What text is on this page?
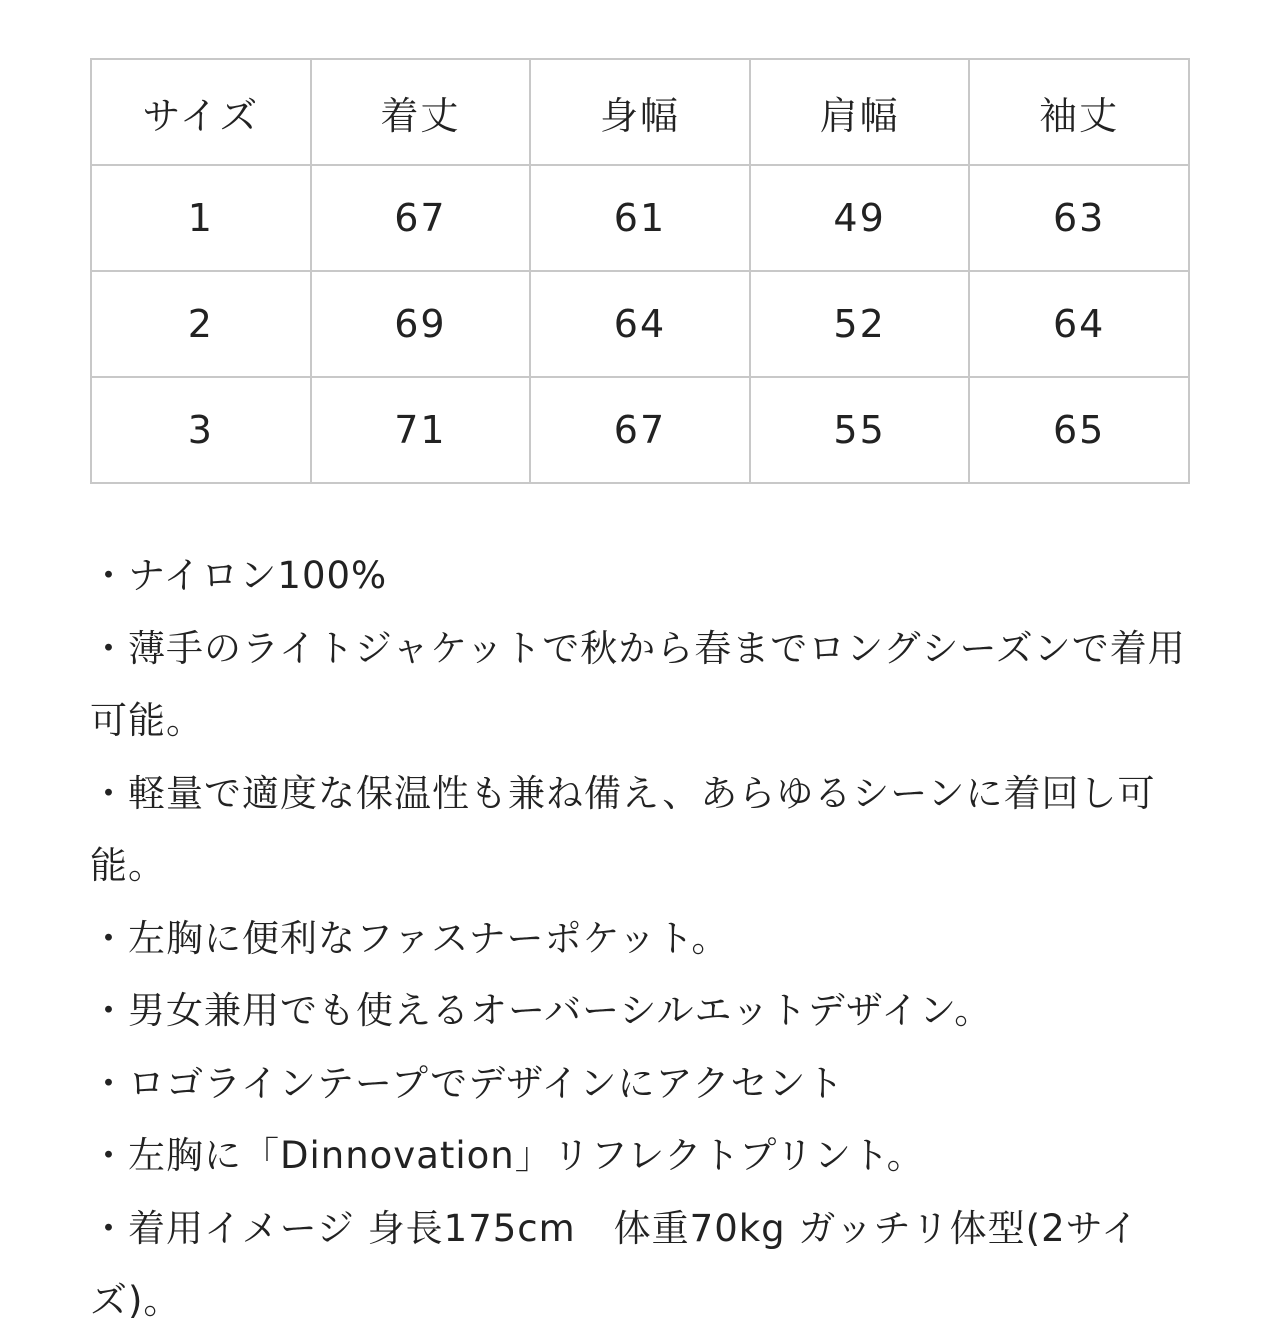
サイズ	着丈	身幅	肩幅	袖丈
1	67	61	49	63
2	69	64	52	64
3	71	67	55	65
・ナイロン100%
・薄手のライトジャケットで秋から春までロングシーズンで着用可能。
・軽量で適度な保温性も兼ね備え、あらゆるシーンに着回し可能。
・左胸に便利なファスナーポケット。
・男女兼用でも使えるオーバーシルエットデザイン。
・ロゴラインテープでデザインにアクセント
・左胸に「Dinnovation」リフレクトプリント。
・着用イメージ 身長175cm　体重70kg ガッチリ体型(2サイズ)。
